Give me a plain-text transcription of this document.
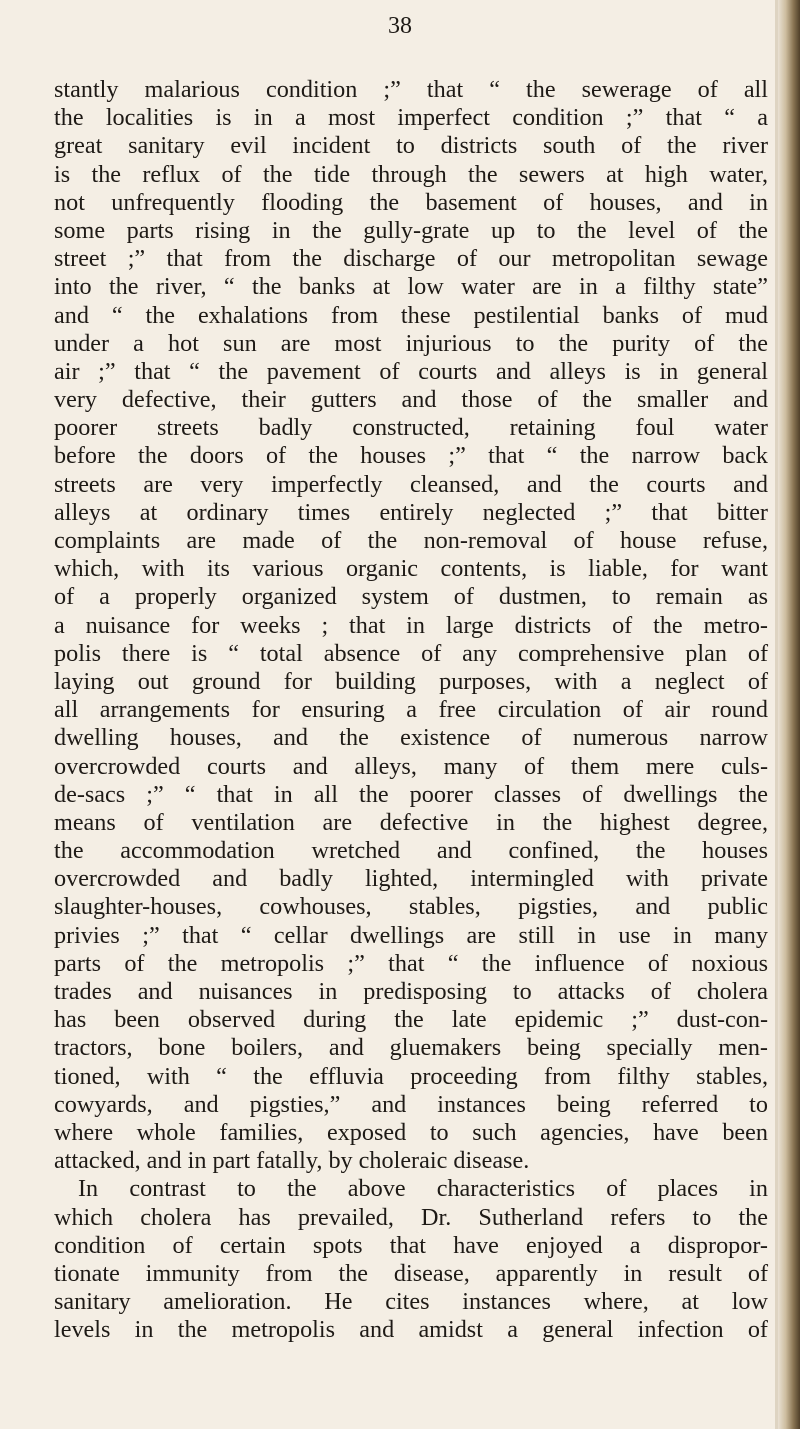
38
stantly malarious condition ;” that “ the sewerage of all
the localities is in a most imperfect condition ;” that “ a
great sanitary evil incident to districts south of the river
is the reflux of the tide through the sewers at high water,
not unfrequently flooding the basement of houses, and in
some parts rising in the gully-grate up to the level of the
street ;” that from the discharge of our metropolitan sewage
into the river, “ the banks at low water are in a filthy state”
and “ the exhalations from these pestilential banks of mud
under a hot sun are most injurious to the purity of the
air ;” that “ the pavement of courts and alleys is in general
very defective, their gutters and those of the smaller and
poorer streets badly constructed, retaining foul water
before the doors of the houses ;” that “ the narrow back
streets are very imperfectly cleansed, and the courts and
alleys at ordinary times entirely neglected ;” that bitter
complaints are made of the non-removal of house refuse,
which, with its various organic contents, is liable, for want
of a properly organized system of dustmen, to remain as
a nuisance for weeks ; that in large districts of the metro-
polis there is “ total absence of any comprehensive plan of
laying out ground for building purposes, with a neglect of
all arrangements for ensuring a free circulation of air round
dwelling houses, and the existence of numerous narrow
overcrowded courts and alleys, many of them mere culs-
de-sacs ;” “ that in all the poorer classes of dwellings the
means of ventilation are defective in the highest degree,
the accommodation wretched and confined, the houses
overcrowded and badly lighted, intermingled with private
slaughter-houses, cowhouses, stables, pigsties, and public
privies ;” that “ cellar dwellings are still in use in many
parts of the metropolis ;” that “ the influence of noxious
trades and nuisances in predisposing to attacks of cholera
has been observed during the late epidemic ;” dust-con-
tractors, bone boilers, and gluemakers being specially men-
tioned, with “ the effluvia proceeding from filthy stables,
cowyards, and pigsties,” and instances being referred to
where whole families, exposed to such agencies, have been
attacked, and in part fatally, by choleraic disease.
In contrast to the above characteristics of places in
which cholera has prevailed, Dr. Sutherland refers to the
condition of certain spots that have enjoyed a dispropor-
tionate immunity from the disease, apparently in result of
sanitary amelioration. He cites instances where, at low
levels in the metropolis and amidst a general infection of
